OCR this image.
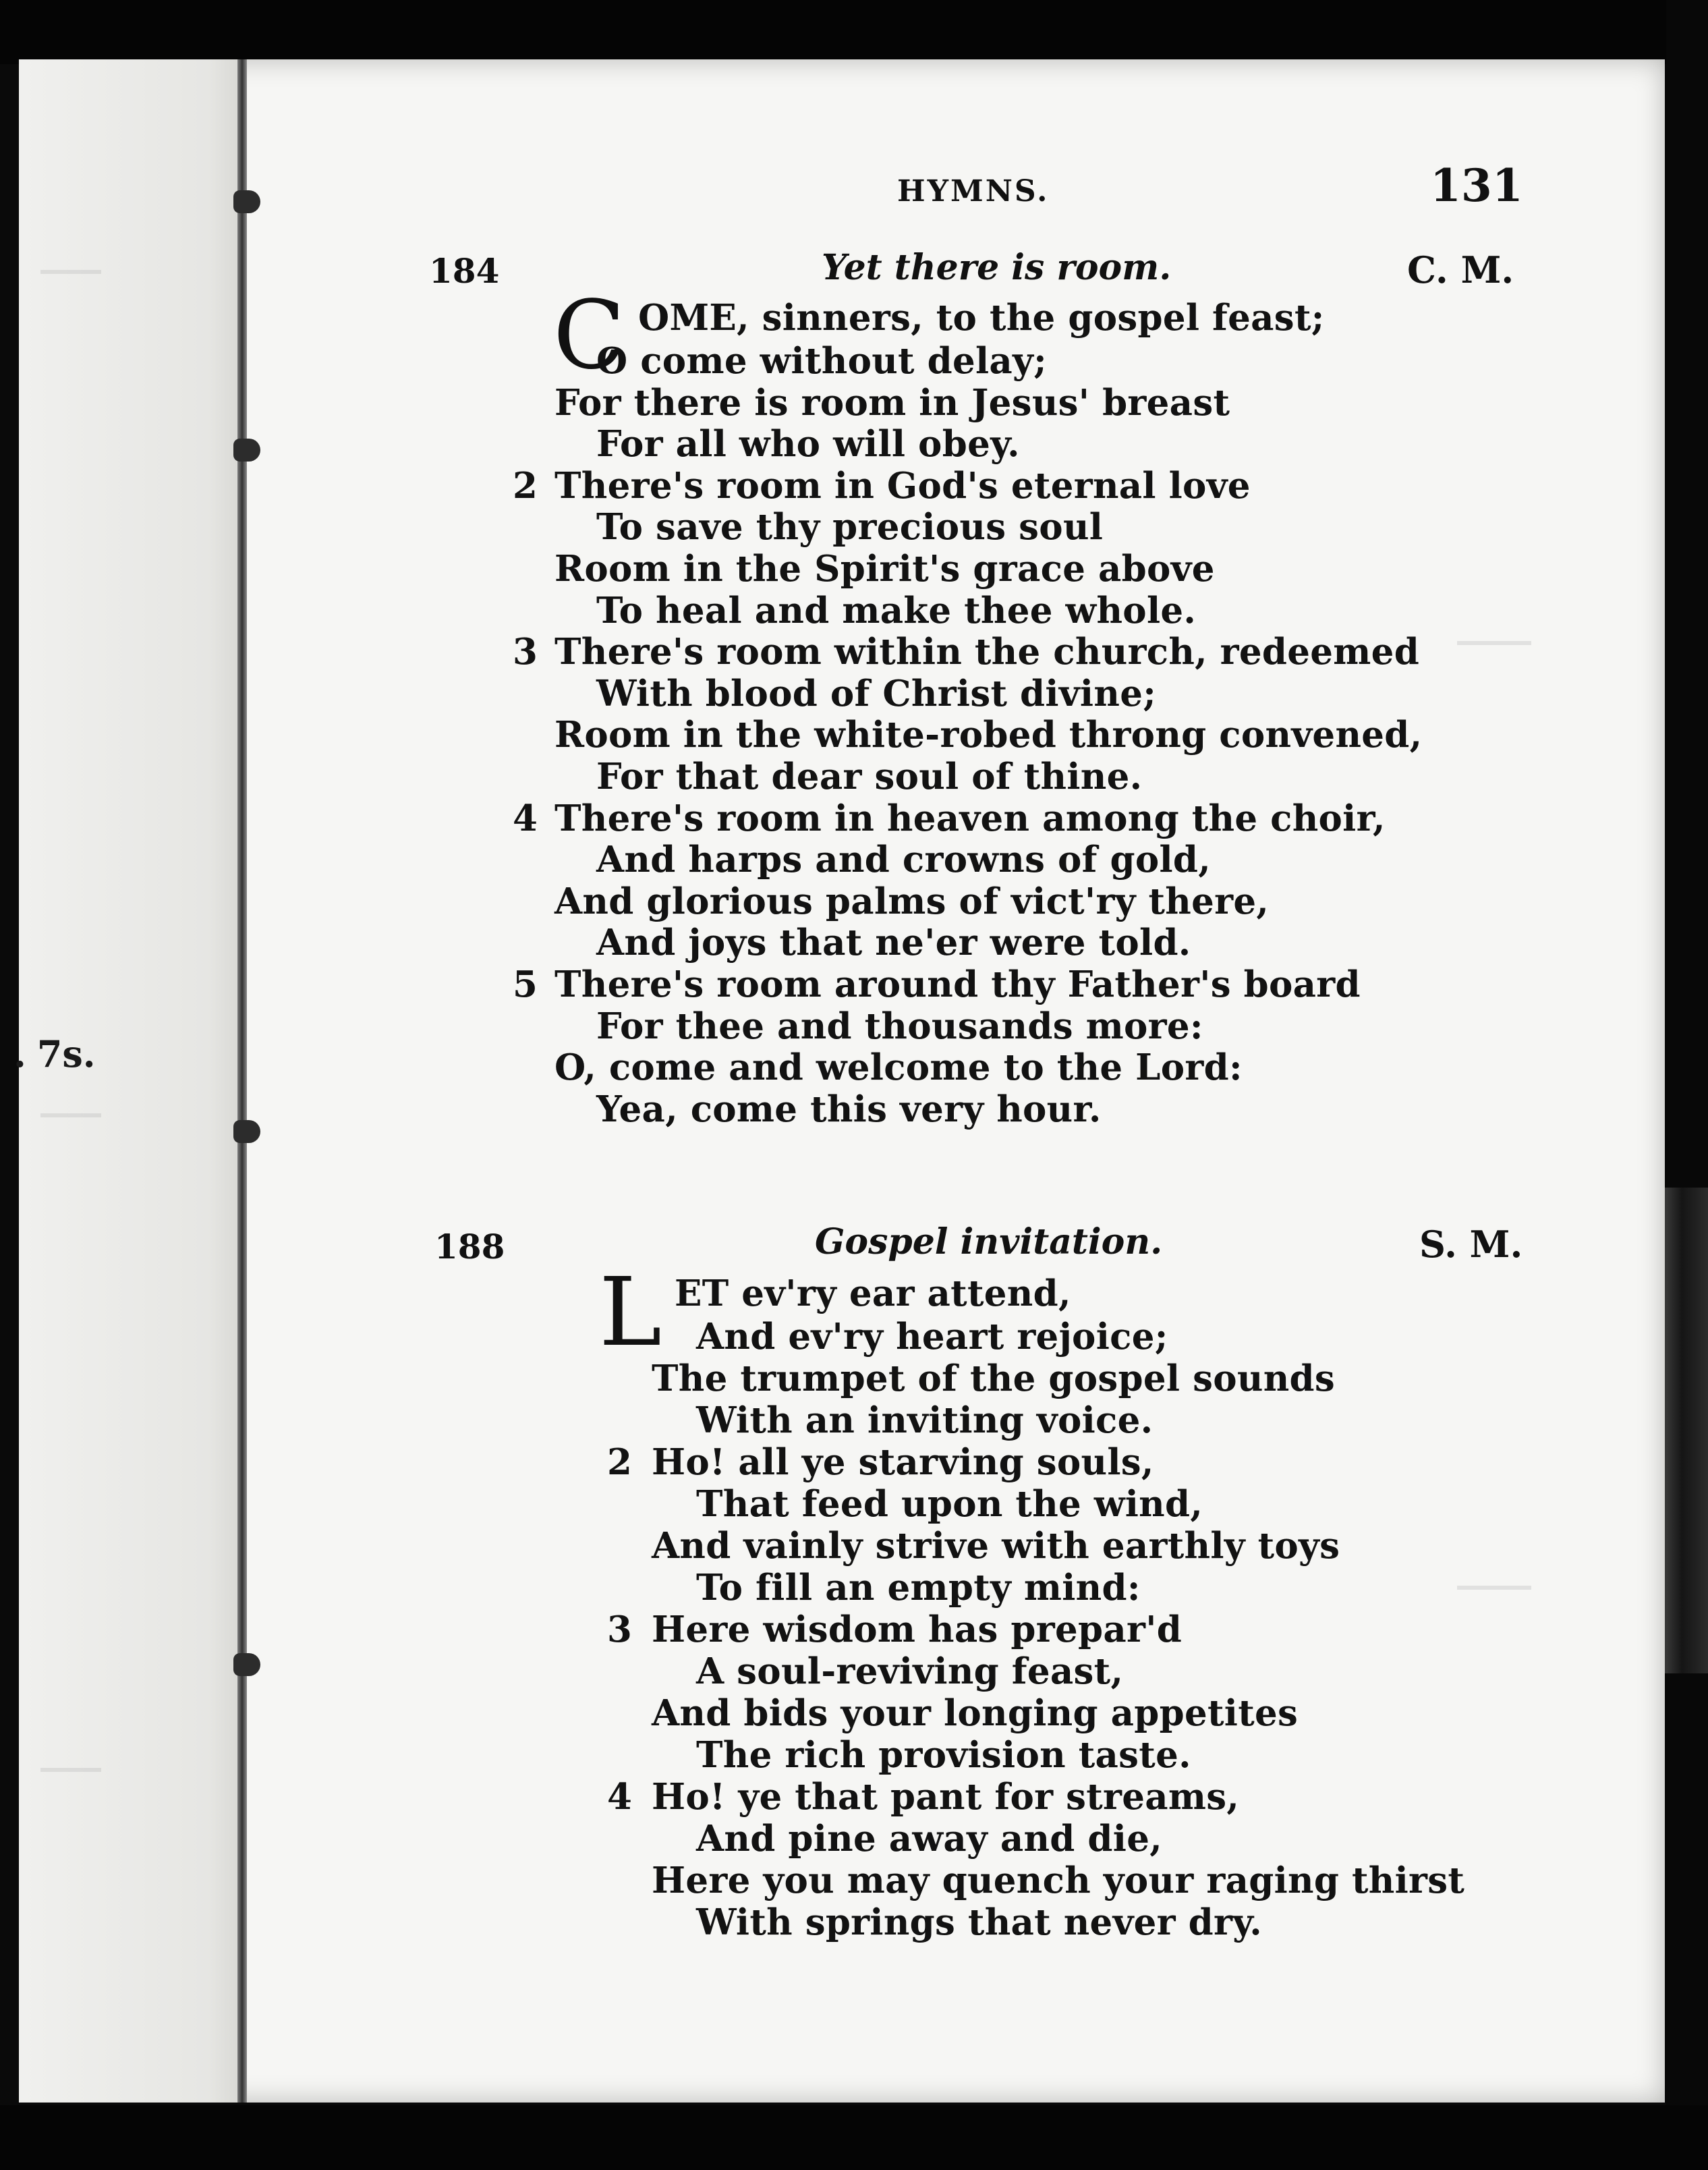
. 7s.
HYMNS.	131
184	Yet there is room.	C. M.
C OME, sinners, to the gospel feast;
O come without delay;
For there is room in Jesus' breast
For all who will obey.
2 There's room in God's eternal love
To save thy precious soul
Room in the Spirit's grace above
To heal and make thee whole.
3 There's room within the church, redeemed
With blood of Christ divine;
Room in the white-robed throng convened,
For that dear soul of thine.
4 There's room in heaven among the choir,
And harps and crowns of gold,
And glorious palms of vict'ry there,
And joys that ne'er were told.
5 There's room around thy Father's board
For thee and thousands more:
O, come and welcome to the Lord:
Yea, come this very hour.
188	Gospel invitation.	S. M.
L ET ev'ry ear attend,
And ev'ry heart rejoice;
The trumpet of the gospel sounds
With an inviting voice.
2 Ho! all ye starving souls,
That feed upon the wind,
And vainly strive with earthly toys
To fill an empty mind:
3 Here wisdom has prepar'd
A soul-reviving feast,
And bids your longing appetites
The rich provision taste.
4 Ho! ye that pant for streams,
And pine away and die,
Here you may quench your raging thirst
With springs that never dry.
